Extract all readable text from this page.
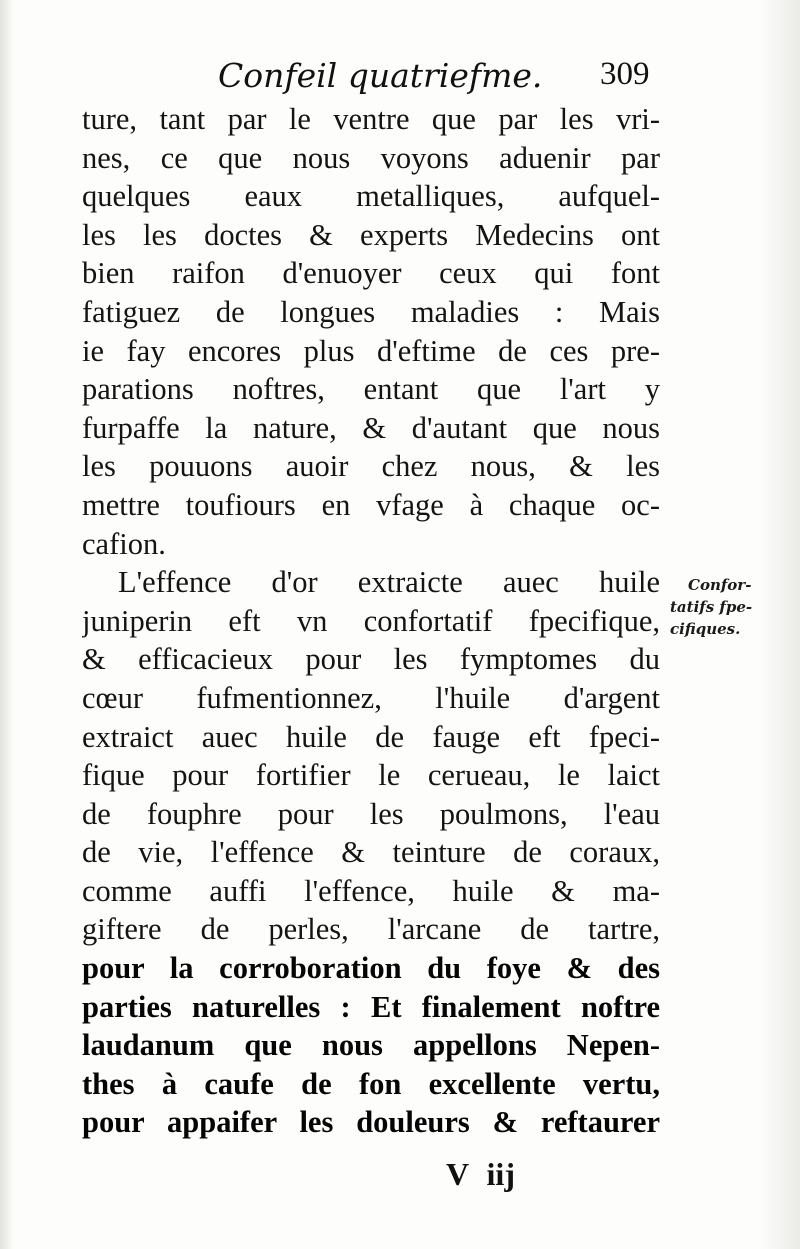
Confeil quatriefme. 309
ture, tant par le ventre que par les vri-
nes, ce que nous voyons aduenir par
quelques eaux metalliques, aufquel-
les les doctes & experts Medecins ont
bien raifon d'enuoyer ceux qui font
fatiguez de longues maladies : Mais
ie fay encores plus d'eftime de ces pre-
parations noftres, entant que l'art y
furpaffe la nature, & d'autant que nous
les pouuons auoir chez nous, & les
mettre toufiours en vfage à chaque oc-
cafion.
L'effence d'or extraicte auec huile
juniperin eft vn confortatif fpecifique,
& efficacieux pour les fymptomes du
cœur fufmentionnez, l'huile d'argent
extraict auec huile de fauge eft fpeci-
fique pour fortifier le cerueau, le laict
de fouphre pour les poulmons, l'eau
de vie, l'effence & teinture de coraux,
comme auffi l'effence, huile & ma-
giftere de perles, l'arcane de tartre,
pour la corroboration du foye & des
parties naturelles : Et finalement noftre
laudanum que nous appellons Nepen-
thes à caufe de fon excellente vertu,
pour appaifer les douleurs & reftaurer
Confor-
tatifs fpe-
cifiques.
V iij
